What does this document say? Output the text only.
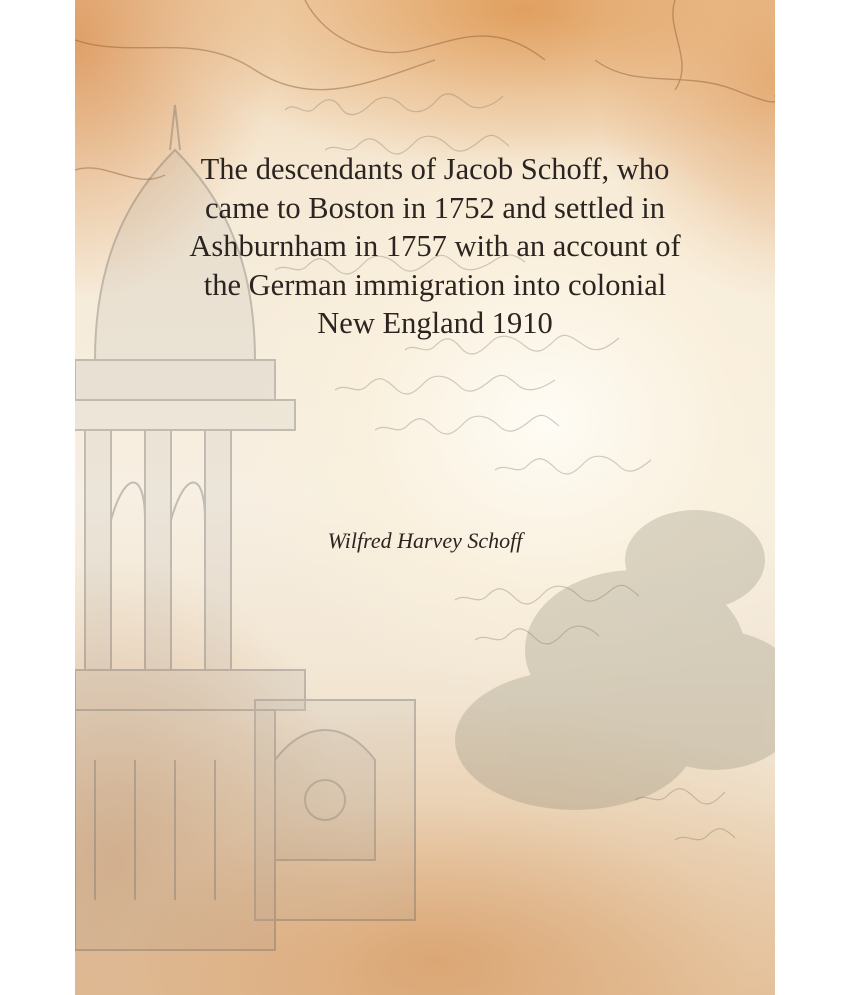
The descendants of Jacob Schoff, who
came to Boston in 1752 and settled in
Ashburnham in 1757 with an account of
the German immigration into colonial
New England 1910
Wilfred Harvey Schoff
